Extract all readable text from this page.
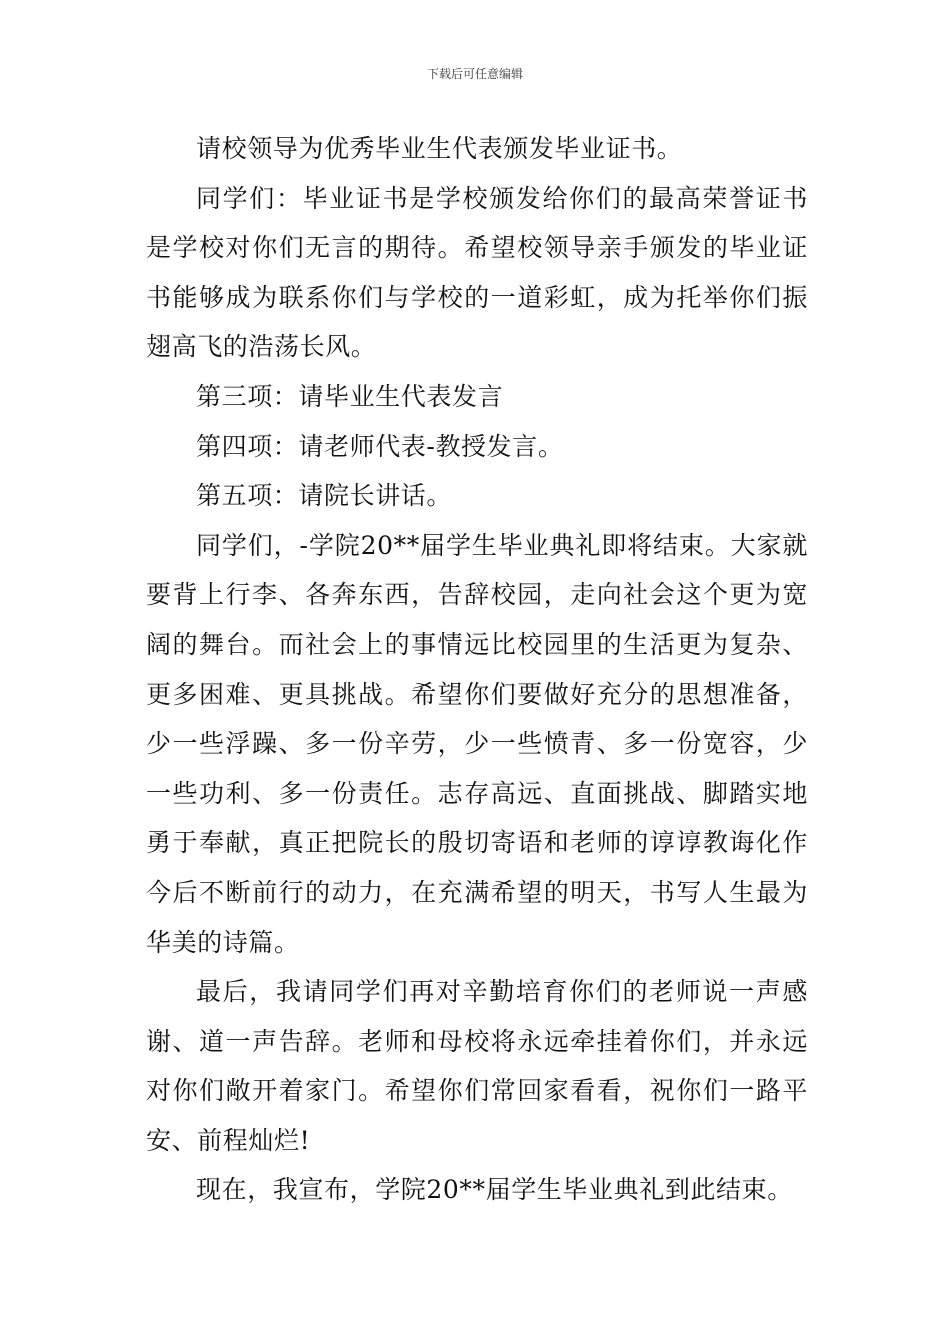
下载后可任意编辑

请校领导为优秀毕业生代表颁发毕业证书。

同学们：毕业证书是学校颁发给你们的最高荣誉证书是学校对你们无言的期待。希望校领导亲手颁发的毕业证书能够成为联系你们与学校的一道彩虹，成为托举你们振翅高飞的浩荡长风。

第三项：请毕业生代表发言

第四项：请老师代表-教授发言。

第五项：请院长讲话。

同学们，-学院20**届学生毕业典礼即将结束。大家就要背上行李、各奔东西，告辞校园，走向社会这个更为宽阔的舞台。而社会上的事情远比校园里的生活更为复杂、更多困难、更具挑战。希望你们要做好充分的思想准备，少一些浮躁、多一份辛劳，少一些愤青、多一份宽容，少一些功利、多一份责任。志存高远、直面挑战、脚踏实地勇于奉献，真正把院长的殷切寄语和老师的谆谆教诲化作今后不断前行的动力，在充满希望的明天，书写人生最为华美的诗篇。

最后，我请同学们再对辛勤培育你们的老师说一声感谢、道一声告辞。老师和母校将永远牵挂着你们，并永远对你们敞开着家门。希望你们常回家看看，祝你们一路平安、前程灿烂!

现在，我宣布，学院20**届学生毕业典礼到此结束。
